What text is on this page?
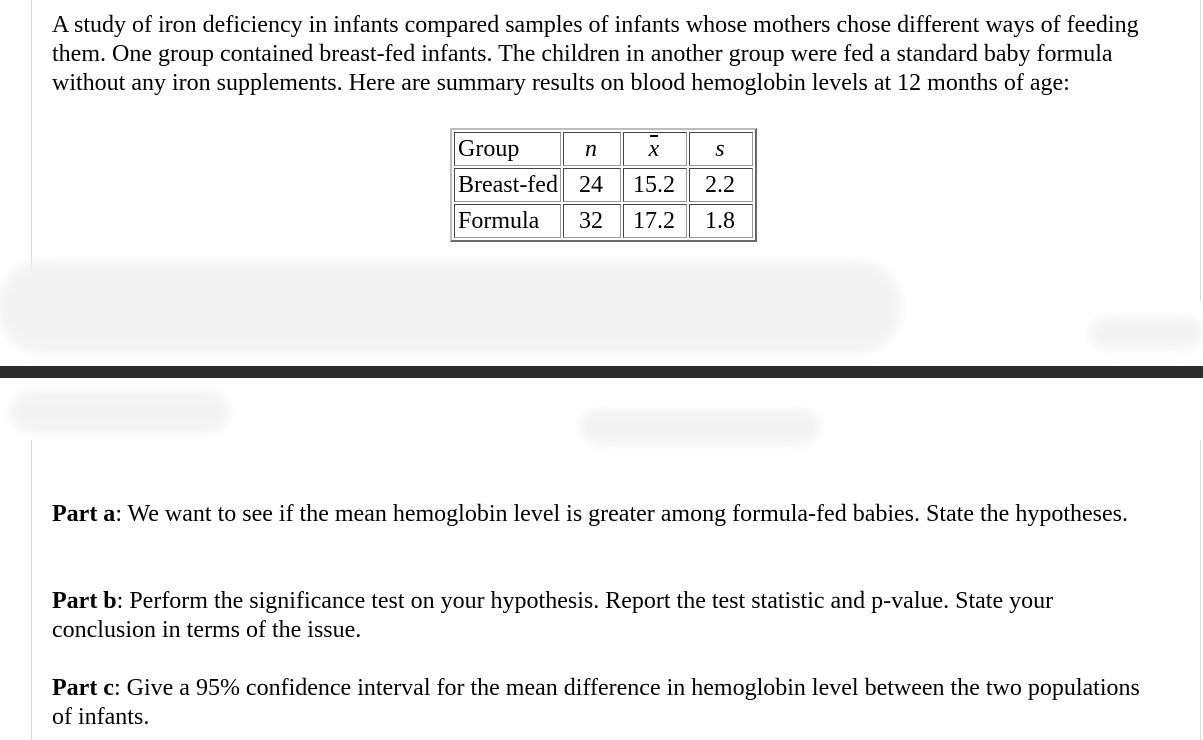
A study of iron deficiency in infants compared samples of infants whose mothers chose different ways of feeding them. One group contained breast-fed infants. The children in another group were fed a standard baby formula without any iron supplements. Here are summary results on blood hemoglobin levels at 12 months of age:

Group	n	x	s
Breast-fed	24	15.2	2.2
Formula	32	17.2	1.8

Part a: We want to see if the mean hemoglobin level is greater among formula-fed babies. State the hypotheses.

Part b: Perform the significance test on your hypothesis. Report the test statistic and p-value. State your conclusion in terms of the issue.

Part c: Give a 95% confidence interval for the mean difference in hemoglobin level between the two populations of infants.
